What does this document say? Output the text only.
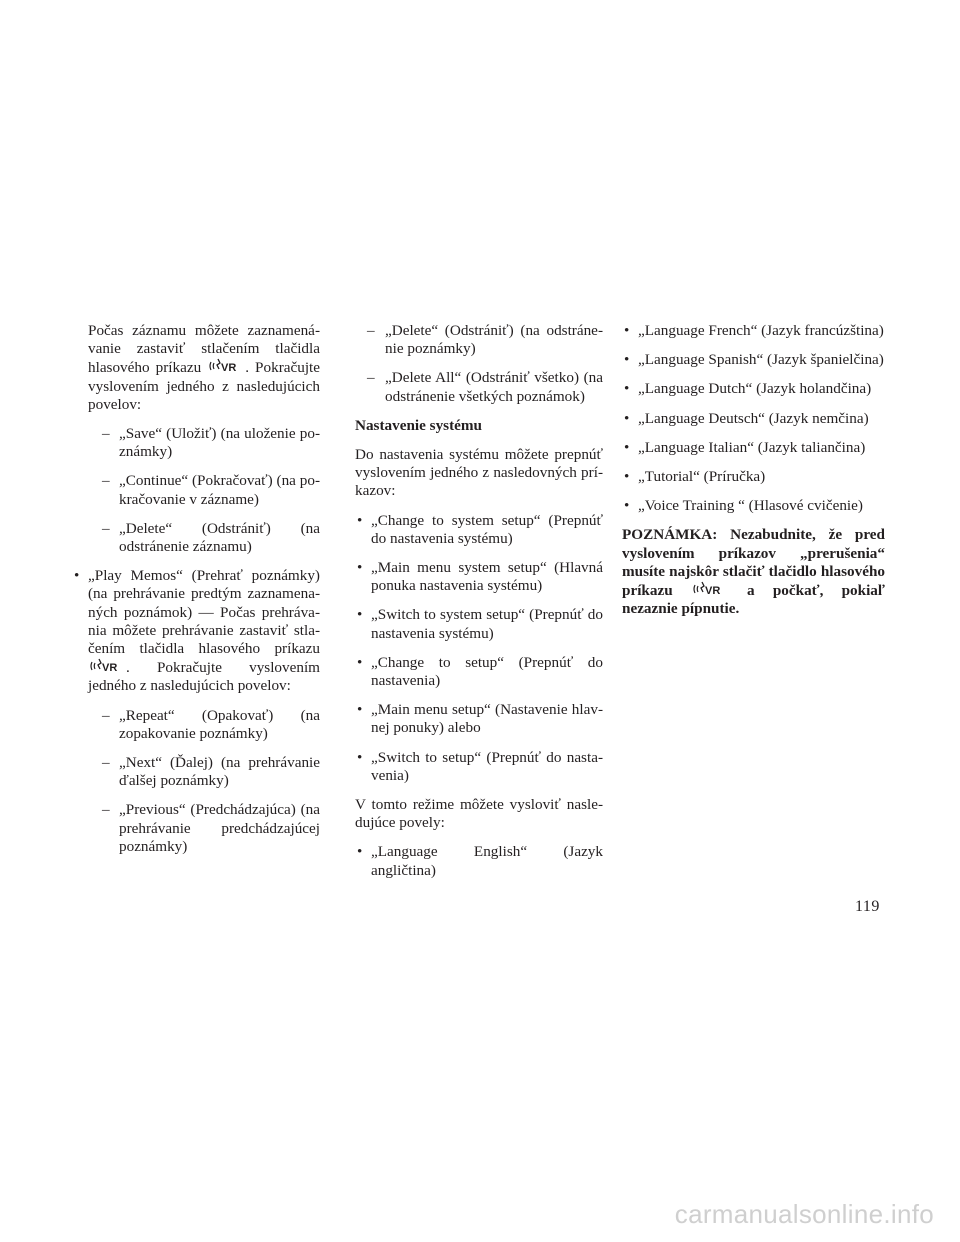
Počas záznamu môžete zaznamenávanie zastaviť stlačením tlačidla hlasového príkazu VR . Pokračujte vyslovením jedného z nasledujúcich povelov:

– „Save“ (Uložiť) (na uloženie poznámky)
– „Continue“ (Pokračovať) (na pokračovanie v zázname)
– „Delete“ (Odstrániť) (na odstránenie záznamu)
• „Play Memos“ (Prehrať poznámky) (na prehrávanie predtým zaznamenaných poznámok) — Počas prehrávania môžete prehrávanie zastaviť stlačením tlačidla hlasového príkazu
VR . Pokračujte vyslovením jedného z nasledujúcich povelov:
– „Repeat“ (Opakovať) (na zopakovanie poznámky)
– „Next“ (Ďalej) (na prehrávanie ďalšej poznámky)
– „Previous“ (Predchádzajúca) (na prehrávanie predchádzajúcej poznámky)
– „Delete“ (Odstrániť) (na odstránenie poznámky)
– „Delete All“ (Odstrániť všetko) (na odstránenie všetkých poznámok)
Nastavenie systému

Do nastavenia systému môžete prepnúť vyslovením jedného z nasledovných príkazov:

• „Change to system setup“ (Prepnúť do nastavenia systému)
• „Main menu system setup“ (Hlavná ponuka nastavenia systému)
• „Switch to system setup“ (Prepnúť do nastavenia systému)
• „Change to setup“ (Prepnúť do nastavenia)
• „Main menu setup“ (Nastavenie hlavnej ponuky) alebo
• „Switch to setup“ (Prepnúť do nastavenia)

V tomto režime môžete vysloviť nasledujúce povely:

• „Language English“ (Jazyk angličtina)
• „Language French“ (Jazyk francúzština)
• „Language Spanish“ (Jazyk španielčina)
• „Language Dutch“ (Jazyk holandčina)
• „Language Deutsch“ (Jazyk nemčina)
• „Language Italian“ (Jazyk taliančina)
• „Tutorial“ (Príručka)
• „Voice Training “ (Hlasové cvičenie)

POZNÁMKA: Nezabudnite, že pred vyslovením príkazov „prerušenia“ musíte najskôr stlačiť tlačidlo hlasového príkazu	VR a počkať, pokiaľ nezaznie pípnutie.

119
carmanualsonline.info
